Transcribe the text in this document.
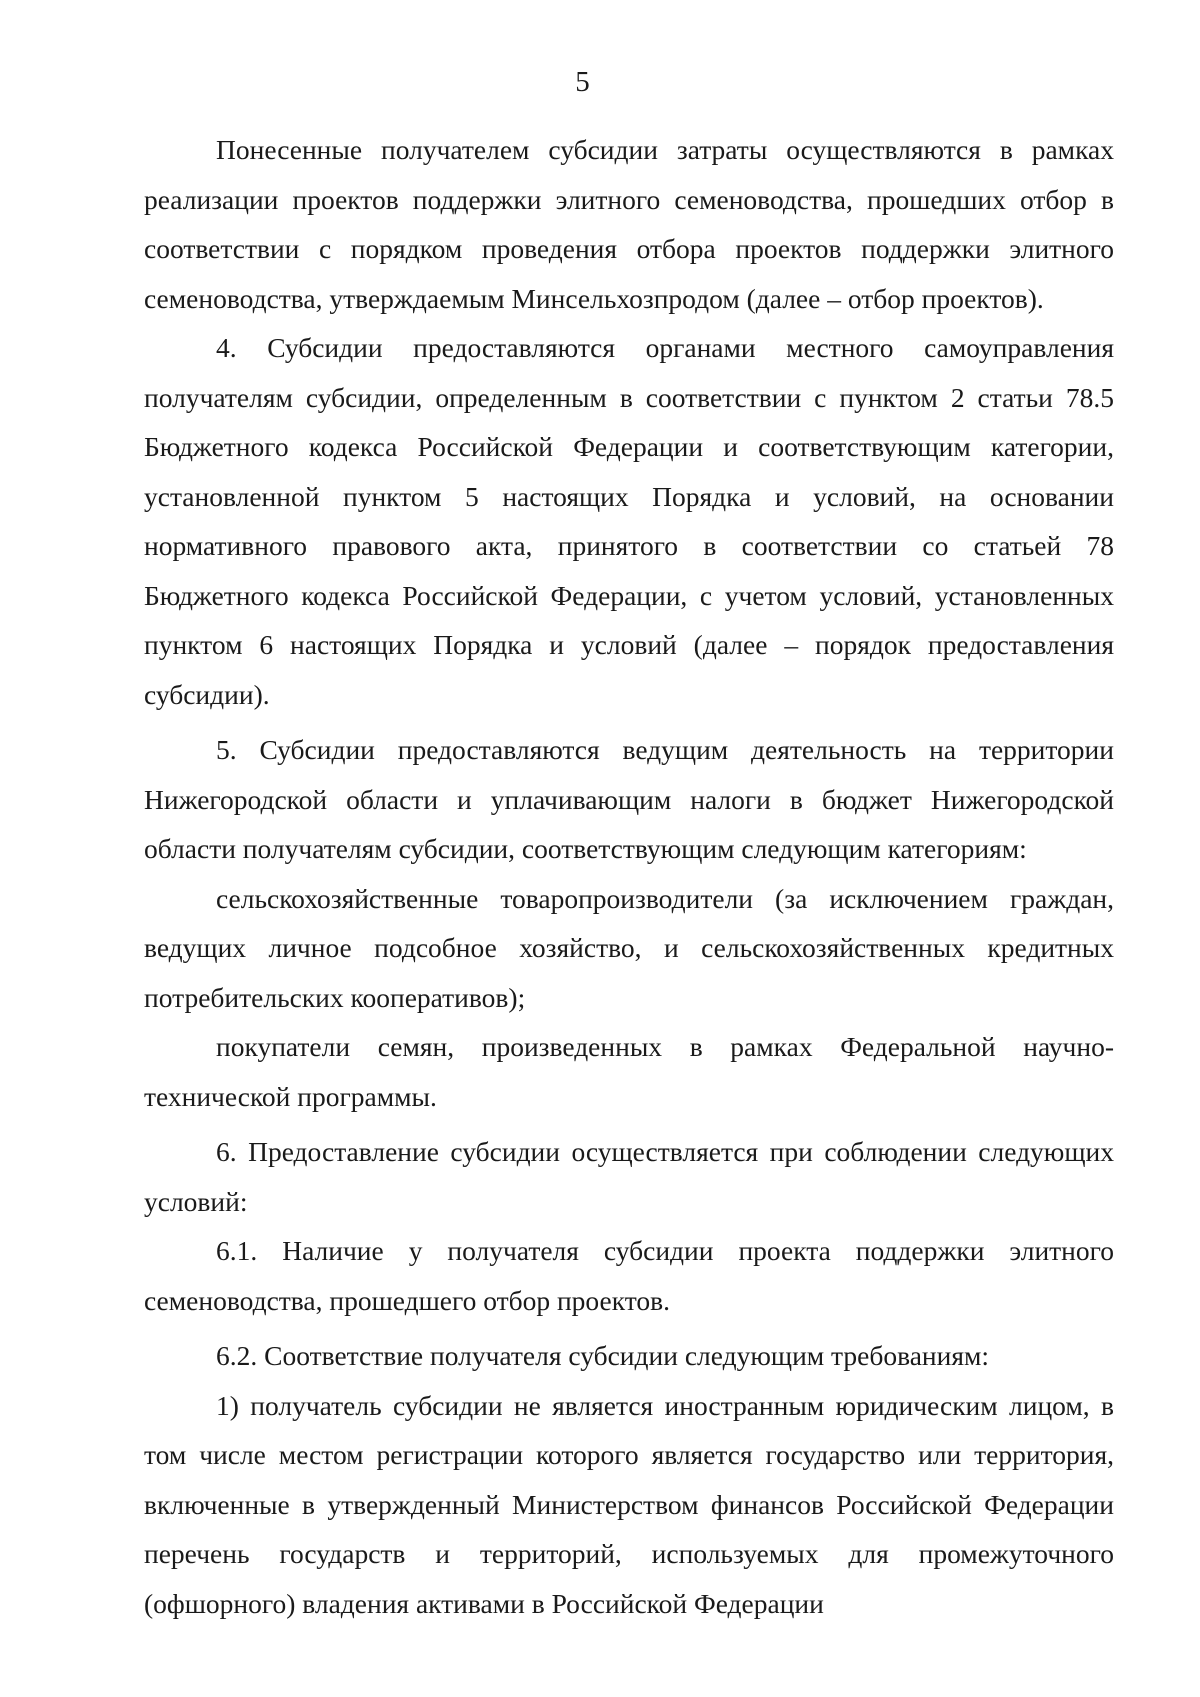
5

Понесенные получателем субсидии затраты осуществляются в рамках реализации проектов поддержки элитного семеноводства, прошедших отбор в соответствии с порядком проведения отбора проектов поддержки элитного семеноводства, утверждаемым Минсельхозпродом (далее – отбор проектов).

4. Субсидии предоставляются органами местного самоуправления получателям субсидии, определенным в соответствии с пунктом 2 статьи 78.5 Бюджетного кодекса Российской Федерации и соответствующим категории, установленной пунктом 5 настоящих Порядка и условий, на основании нормативного правового акта, принятого в соответствии со статьей 78 Бюджетного кодекса Российской Федерации, с учетом условий, установленных пунктом 6 настоящих Порядка и условий (далее – порядок предоставления субсидии).

5. Субсидии предоставляются ведущим деятельность на территории Нижегородской области и уплачивающим налоги в бюджет Нижегородской области получателям субсидии, соответствующим следующим категориям:

сельскохозяйственные товаропроизводители (за исключением граждан, ведущих личное подсобное хозяйство, и сельскохозяйственных кредитных потребительских кооперативов);

покупатели семян, произведенных в рамках Федеральной научно-технической программы.

6. Предоставление субсидии осуществляется при соблюдении следующих условий:

6.1. Наличие у получателя субсидии проекта поддержки элитного семеноводства, прошедшего отбор проектов.

6.2. Соответствие получателя субсидии следующим требованиям:

1) получатель субсидии не является иностранным юридическим лицом, в том числе местом регистрации которого является государство или территория, включенные в утвержденный Министерством финансов Российской Федерации перечень государств и территорий, используемых для промежуточного (офшорного) владения активами в Российской Федерации
